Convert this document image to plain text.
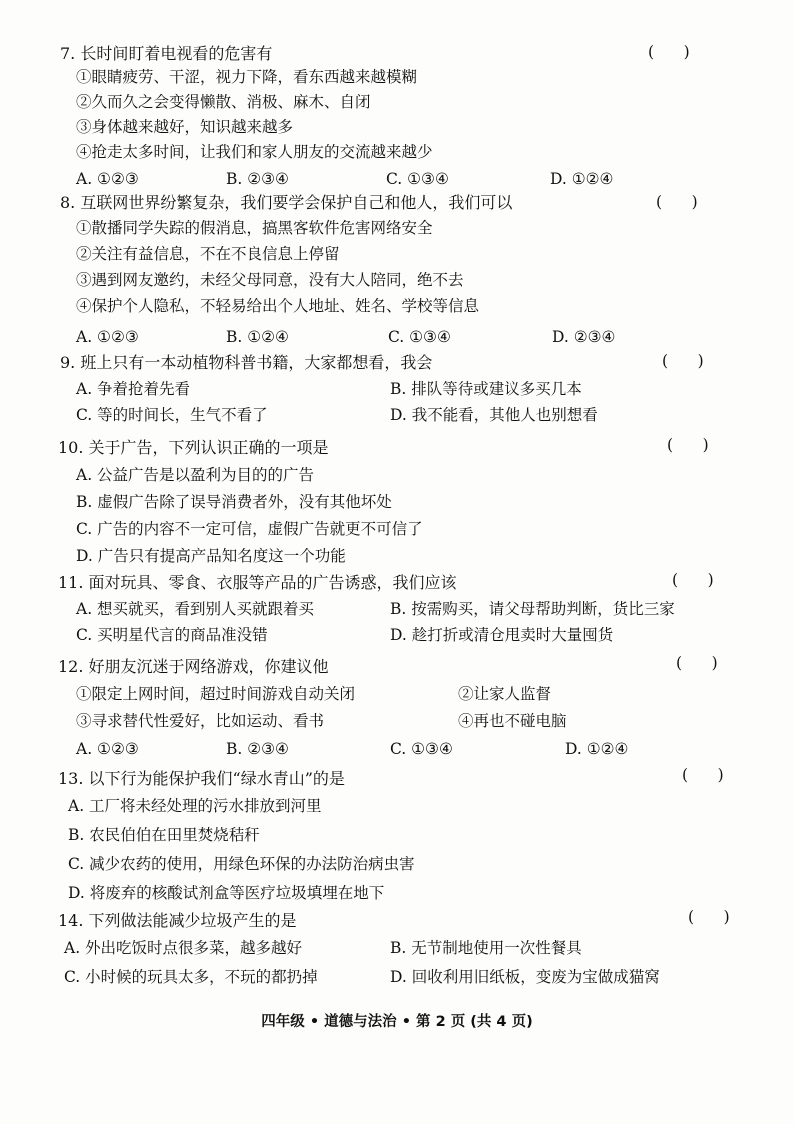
7. 长时间盯着电视看的危害有	(      )
①眼睛疲劳、干涩，视力下降，看东西越来越模糊
②久而久之会变得懒散、消极、麻木、自闭
③身体越来越好，知识越来越多
④抢走太多时间，让我们和家人朋友的交流越来越少
A. ①②③	B. ②③④	C. ①③④	D. ①②④
8. 互联网世界纷繁复杂，我们要学会保护自己和他人，我们可以	(      )
①散播同学失踪的假消息，搞黑客软件危害网络安全
②关注有益信息，不在不良信息上停留
③遇到网友邀约，未经父母同意，没有大人陪同，绝不去
④保护个人隐私，不轻易给出个人地址、姓名、学校等信息
A. ①②③	B. ①②④	C. ①③④	D. ②③④
9. 班上只有一本动植物科普书籍，大家都想看，我会	(      )
A. 争着抢着先看	B. 排队等待或建议多买几本
C. 等的时间长，生气不看了	D. 我不能看，其他人也别想看
10. 关于广告，下列认识正确的一项是	(      )
A. 公益广告是以盈利为目的的广告
B. 虚假广告除了误导消费者外，没有其他坏处
C. 广告的内容不一定可信，虚假广告就更不可信了
D. 广告只有提高产品知名度这一个功能
11. 面对玩具、零食、衣服等产品的广告诱惑，我们应该	(      )
A. 想买就买，看到别人买就跟着买	B. 按需购买，请父母帮助判断，货比三家
C. 买明星代言的商品准没错	D. 趁打折或清仓甩卖时大量囤货
12. 好朋友沉迷于网络游戏，你建议他	(      )
①限定上网时间，超过时间游戏自动关闭	②让家人监督
③寻求替代性爱好，比如运动、看书	④再也不碰电脑
A. ①②③	B. ②③④	C. ①③④	D. ①②④
13. 以下行为能保护我们“绿水青山”的是	(      )
A. 工厂将未经处理的污水排放到河里
B. 农民伯伯在田里焚烧秸秆
C. 减少农药的使用，用绿色环保的办法防治病虫害
D. 将废弃的核酸试剂盒等医疗垃圾填埋在地下
14. 下列做法能减少垃圾产生的是	(      )
A. 外出吃饭时点很多菜，越多越好	B. 无节制地使用一次性餐具
C. 小时候的玩具太多，不玩的都扔掉	D. 回收利用旧纸板，变废为宝做成猫窝
四年级 • 道德与法治 • 第 2 页 (共 4 页)
